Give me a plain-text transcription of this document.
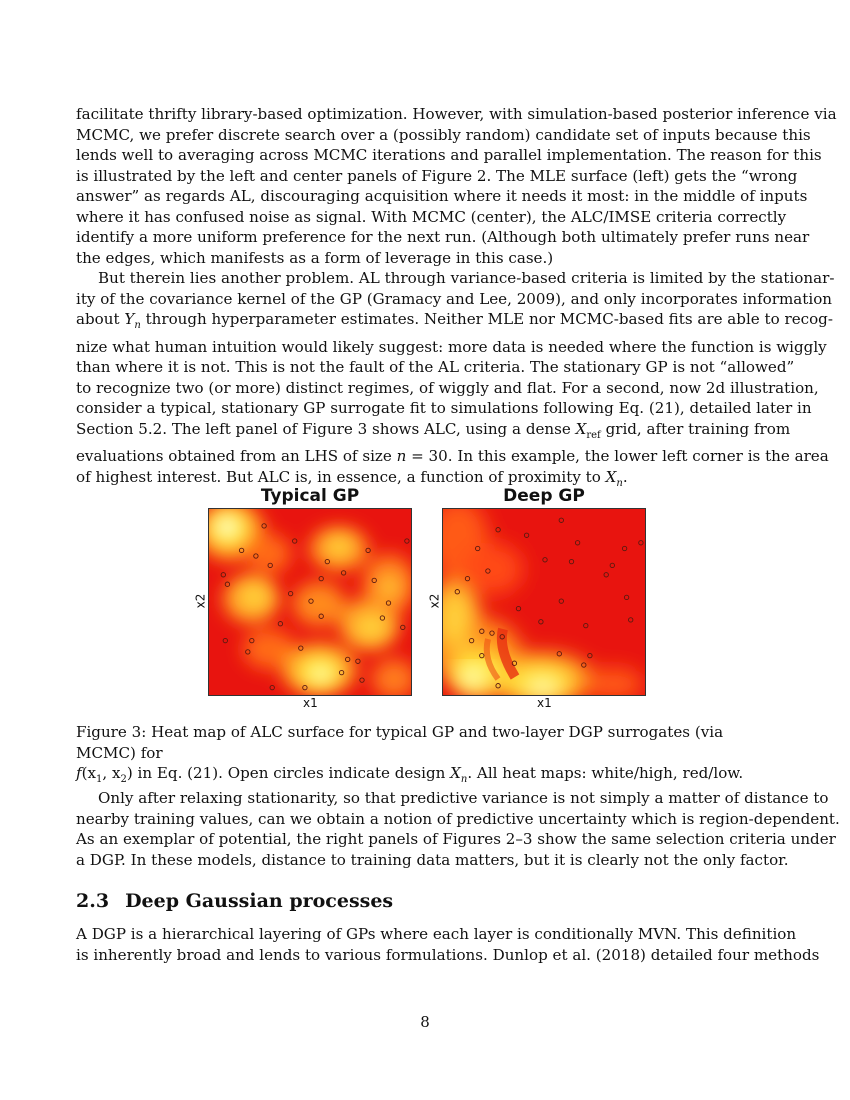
facilitate thrifty library-based optimization. However, with simulation-based posterior inference via
MCMC, we prefer discrete search over a (possibly random) candidate set of inputs because this
lends well to averaging across MCMC iterations and parallel implementation. The reason for this
is illustrated by the left and center panels of Figure 2. The MLE surface (left) gets the “wrong
answer” as regards AL, discouraging acquisition where it needs it most: in the middle of inputs
where it has confused noise as signal. With MCMC (center), the ALC/IMSE criteria correctly
identify a more uniform preference for the next run. (Although both ultimately prefer runs near
the edges, which manifests as a form of leverage in this case.)
But therein lies another problem. AL through variance-based criteria is limited by the stationar-
ity of the covariance kernel of the GP (Gramacy and Lee, 2009), and only incorporates information
about $Y_n$ through hyperparameter estimates. Neither MLE nor MCMC-based fits are able to recog-
nize what human intuition would likely suggest: more data is needed where the function is wiggly
than where it is not. This is not the fault of the AL criteria. The stationary GP is not “allowed”
to recognize two (or more) distinct regimes, of wiggly and flat. For a second, now 2d illustration,
consider a typical, stationary GP surrogate fit to simulations following Eq. (21), detailed later in
Section 5.2. The left panel of Figure 3 shows ALC, using a dense $X_{ref}$ grid, after training from
evaluations obtained from an LHS of size n = 30. In this example, the lower left corner is the area
of highest interest. But ALC is, in essence, a function of proximity to $X_n$.
Typical GP	Deep GP
x1	x1
x2	x2
Figure 3: Heat map of ALC surface for typical GP and two-layer DGP surrogates (via MCMC) for
$f(x_1$, $x_2$) in Eq. (21). Open circles indicate design $X_n$. All heat maps: white/high, red/low.
Only after relaxing stationarity, so that predictive variance is not simply a matter of distance to
nearby training values, can we obtain a notion of predictive uncertainty which is region-dependent.
As an exemplar of potential, the right panels of Figures 2–3 show the same selection criteria under
a DGP. In these models, distance to training data matters, but it is clearly not the only factor.
2.3 Deep Gaussian processes
A DGP is a hierarchical layering of GPs where each layer is conditionally MVN. This definition
is inherently broad and lends to various formulations. Dunlop et al. (2018) detailed four methods
8
